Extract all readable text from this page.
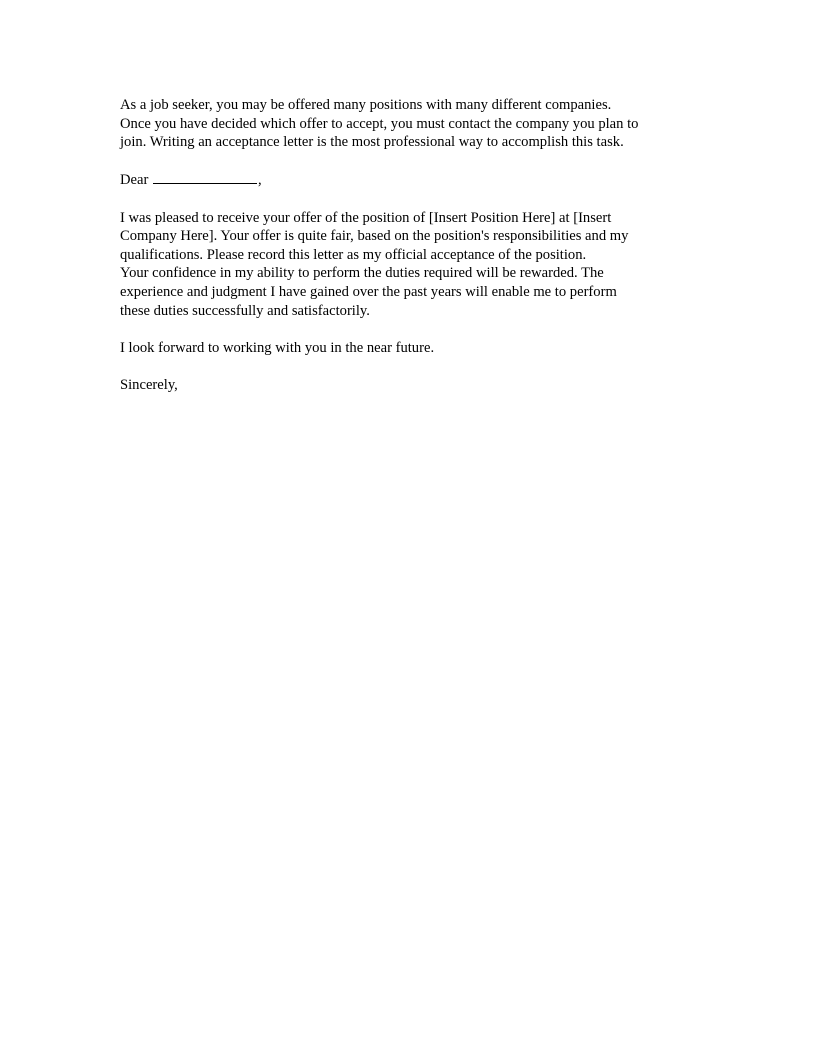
As a job seeker, you may be offered many positions with many different companies.
Once you have decided which offer to accept, you must contact the company you plan to
join. Writing an acceptance letter is the most professional way to accomplish this task.
Dear	,
I was pleased to receive your offer of the position of [Insert Position Here] at [Insert
Company Here]. Your offer is quite fair, based on the position's responsibilities and my
qualifications. Please record this letter as my official acceptance of the position.
Your confidence in my ability to perform the duties required will be rewarded. The
experience and judgment I have gained over the past years will enable me to perform
these duties successfully and satisfactorily.
I look forward to working with you in the near future.
Sincerely,
